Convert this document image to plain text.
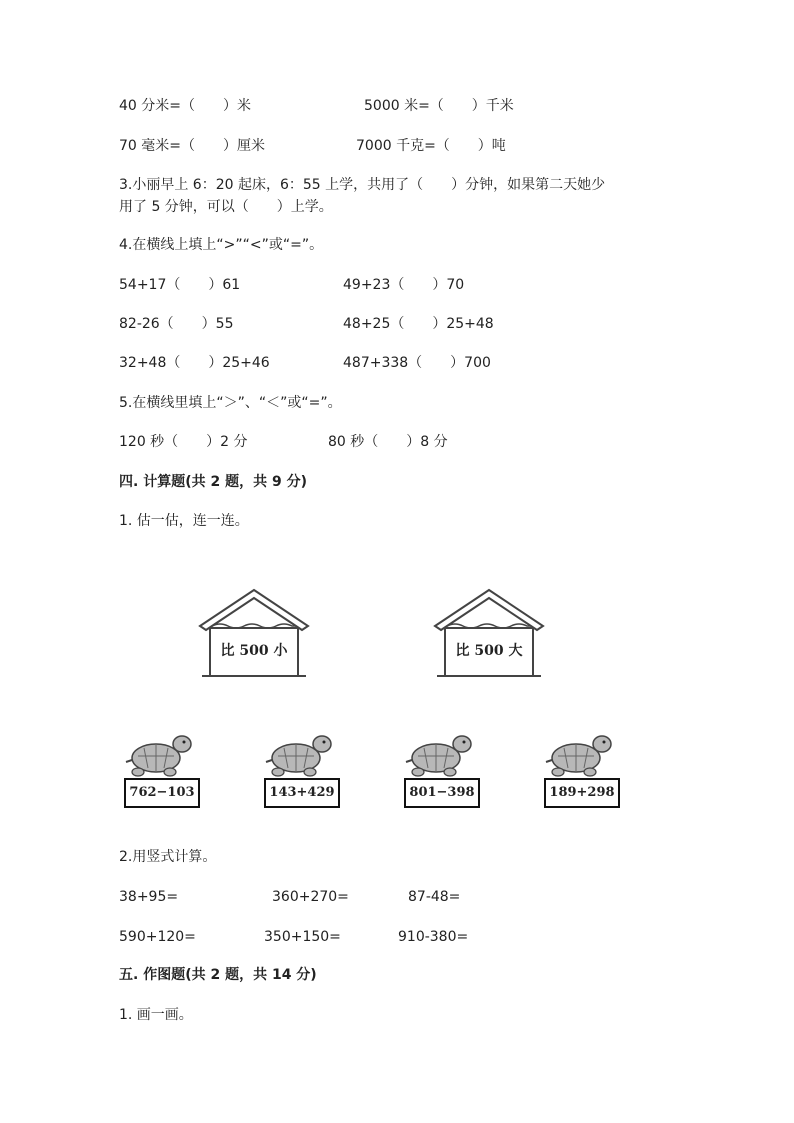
40 分米=（　　）米	5000 米=（　　）千米
70 毫米=（　　）厘米	7000 千克=（　　）吨
3.小丽早上 6：20 起床，6：55 上学，共用了（　　）分钟，如果第二天她少
用了 5 分钟，可以（　　）上学。
4.在横线上填上“>”“<”或“=”。
54+17（　　）61	49+23（　　）70
82-26（　　）55	48+25（　　）25+48
32+48（　　）25+46	487+338（　　）700
5.在横线里填上“＞”、“＜”或“=”。
120 秒（　　）2 分	80 秒（　　）8 分
四. 计算题(共 2 题，共 9 分)
1. 估一估，连一连。
比 500 小	比 500 大
762−103	143+429	801−398	189+298
2.用竖式计算。
38+95=	360+270=	87-48=
590+120=	350+150=	910-380=
五. 作图题(共 2 题，共 14 分)
1. 画一画。
